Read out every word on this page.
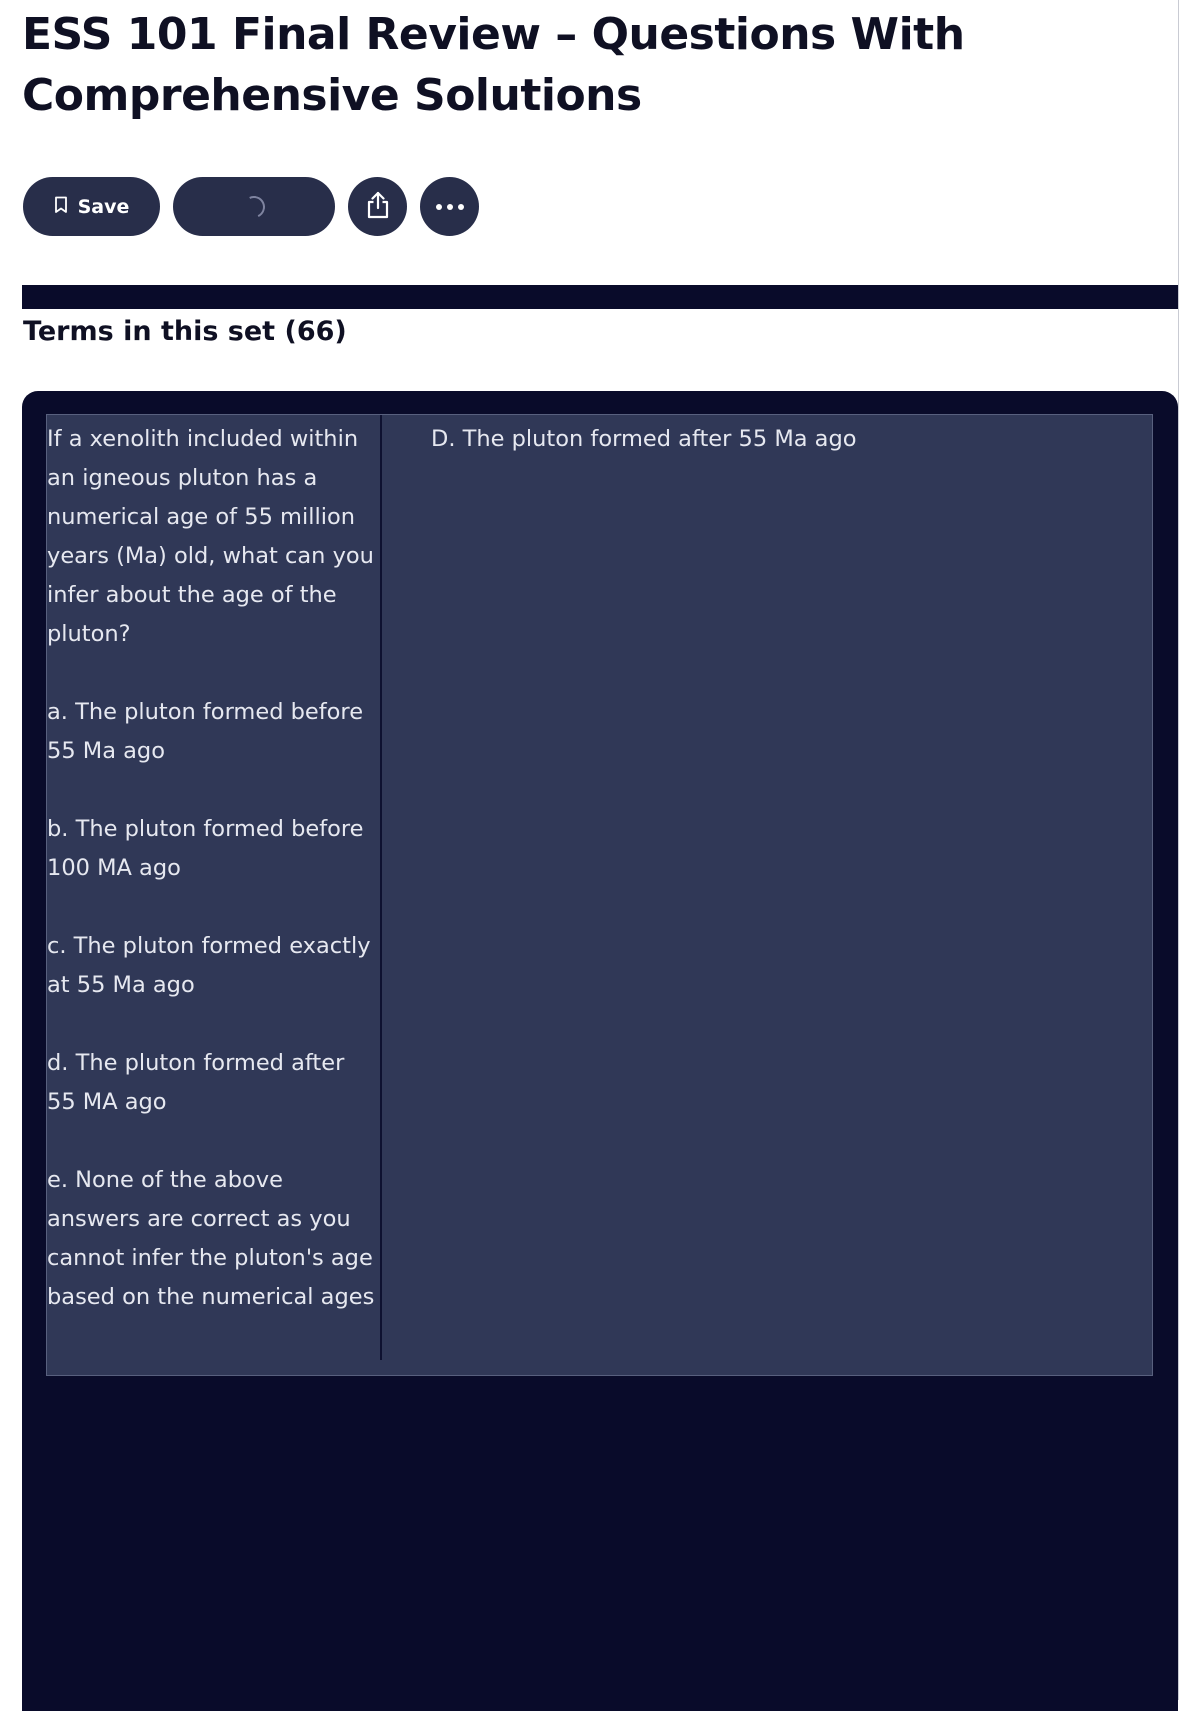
ESS 101 Final Review – Questions With Comprehensive Solutions
Save
Terms in this set (66)

If a xenolith included within an igneous pluton has a numerical age of 55 million years (Ma) old, what can you infer about the age of the pluton?

a. The pluton formed before 55 Ma ago

b. The pluton formed before 100 MA ago

c. The pluton formed exactly at 55 Ma ago

d. The pluton formed after 55 MA ago

e. None of the above answers are correct as you cannot infer the pluton's age based on the numerical ages

D. The pluton formed after 55 Ma ago
